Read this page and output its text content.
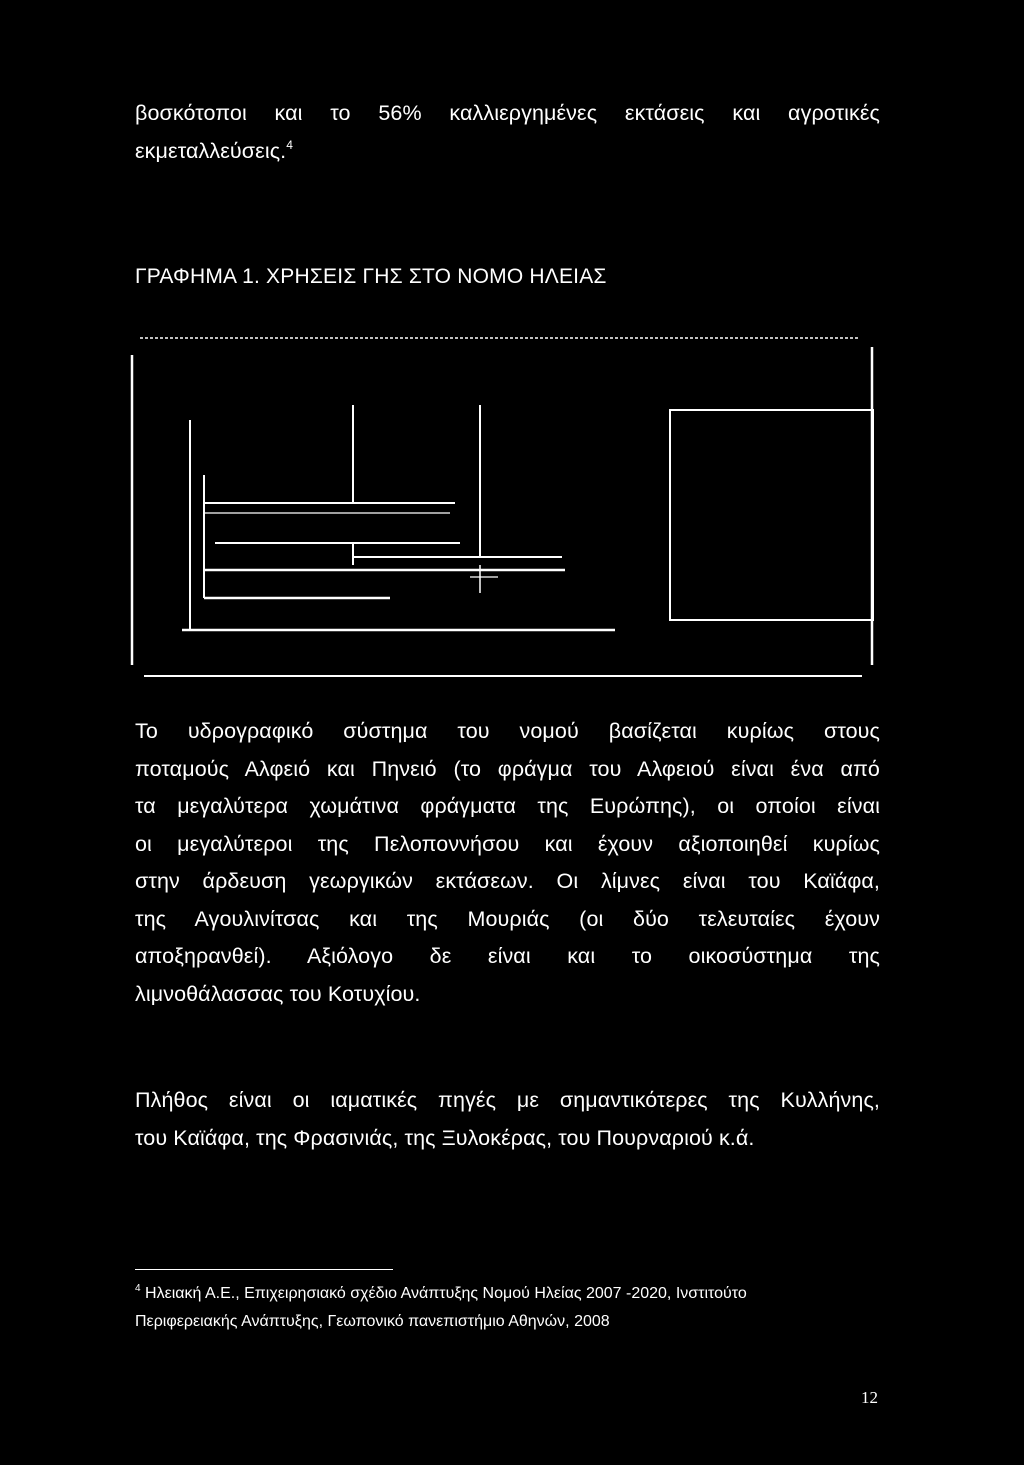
βοσκότοποι και το 56% καλλιεργημένες εκτάσεις και αγροτικές
εκμεταλλεύσεις.$^4$
ΓΡΑΦΗΜΑ 1. ΧΡΗΣΕΙΣ ΓΗΣ ΣΤΟ ΝΟΜΟ ΗΛΕΙΑΣ
Το υδρογραφικό σύστημα του νομού βασίζεται κυρίως στους
ποταμούς Αλφειό και Πηνειό (το φράγμα του Αλφειού είναι ένα από
τα μεγαλύτερα χωμάτινα φράγματα της Ευρώπης), οι οποίοι είναι
οι μεγαλύτεροι της Πελοποννήσου και έχουν αξιοποιηθεί κυρίως
στην άρδευση γεωργικών εκτάσεων. Οι λίμνες είναι του Καϊάφα,
της Αγουλινίτσας και της Μουριάς (οι δύο τελευταίες έχουν
αποξηρανθεί). Αξιόλογο δε είναι και το οικοσύστημα της
λιμνοθάλασσας του Κοτυχίου.
Πλήθος είναι οι ιαματικές πηγές με σημαντικότερες της Κυλλήνης,
του Καϊάφα, της Φρασινιάς, της Ξυλοκέρας, του Πουρναριού κ.ά.
$^4$ Ηλειακή Α.Ε., Επιχειρησιακό σχέδιο Ανάπτυξης Νομού Ηλείας 2007 -2020, Ινστιτούτο
Περιφερειακής Ανάπτυξης, Γεωπονικό πανεπιστήμιο Αθηνών, 2008
12
